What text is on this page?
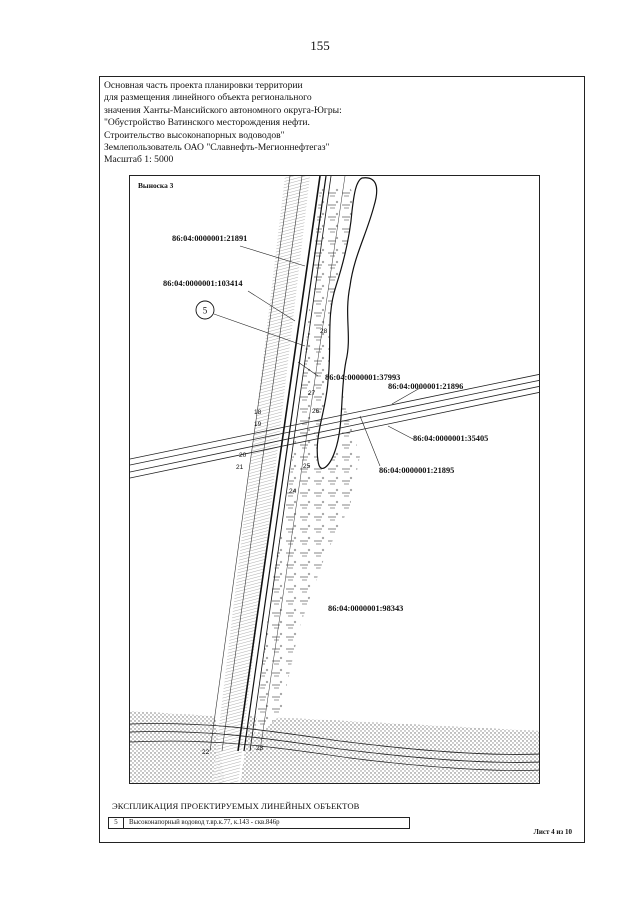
155
Основная часть проекта планировки территории
для размещения линейного объекта регионального
значения Ханты-Мансийского автономного округа-Югры:
"Обустройство Ватинского месторождения нефти.
Строительство высоконапорных водоводов"
Землепользователь ОАО "Славнефть-Мегионнефтегаз"
Масштаб 1: 5000
Выноска 3
86:04:0000001:21891
86:04:0000001:103414
86:04:0000001:37993
86:04:0000001:21896
86:04:0000001:35405
86:04:0000001:21895
86:04:0000001:98343
5
28
27
26
18
19
20
21	25
24
22
23
ЭКСПЛИКАЦИЯ ПРОЕКТИРУЕМЫХ ЛИНЕЙНЫХ ОБЪЕКТОВ
5	Высоконапорный водовод т.вр.к.77, к.143 - скв.846р
Лист 4 из 10
